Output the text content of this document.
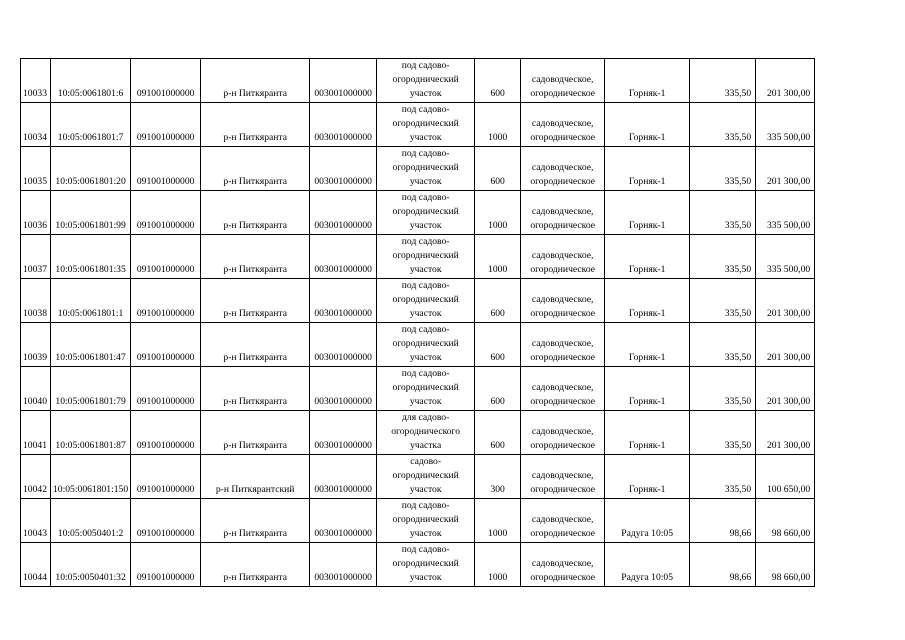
10033	10:05:0061801:6	091001000000	р-н Питкяранта	003001000000	под садово-огороднический участок	600	садоводческое, огородническое	Горняк-1	335,50	201 300,00
10034	10:05:0061801:7	091001000000	р-н Питкяранта	003001000000	под садово-огороднический участок	1000	садоводческое, огородническое	Горняк-1	335,50	335 500,00
10035	10:05:0061801:20	091001000000	р-н Питкяранта	003001000000	под садово-огороднический участок	600	садоводческое, огородническое	Горняк-1	335,50	201 300,00
10036	10:05:0061801:99	091001000000	р-н Питкяранта	003001000000	под садово-огороднический участок	1000	садоводческое, огородническое	Горняк-1	335,50	335 500,00
10037	10:05:0061801:35	091001000000	р-н Питкяранта	003001000000	под садово-огороднический участок	1000	садоводческое, огородническое	Горняк-1	335,50	335 500,00
10038	10:05:0061801:1	091001000000	р-н Питкяранта	003001000000	под садово-огороднический участок	600	садоводческое, огородническое	Горняк-1	335,50	201 300,00
10039	10:05:0061801:47	091001000000	р-н Питкяранта	003001000000	под садово-огороднический участок	600	садоводческое, огородническое	Горняк-1	335,50	201 300,00
10040	10:05:0061801:79	091001000000	р-н Питкяранта	003001000000	под садово-огороднический участок	600	садоводческое, огородническое	Горняк-1	335,50	201 300,00
10041	10:05:0061801:87	091001000000	р-н Питкяранта	003001000000	для садово-огороднического участка	600	садоводческое, огородническое	Горняк-1	335,50	201 300,00
10042	10:05:0061801:150	091001000000	р-н Питкярантский	003001000000	садово-огороднический участок	300	садоводческое, огородническое	Горняк-1	335,50	100 650,00
10043	10:05:0050401:2	091001000000	р-н Питкяранта	003001000000	под садово-огороднический участок	1000	садоводческое, огородническое	Радуга 10:05	98,66	98 660,00
10044	10:05:0050401:32	091001000000	р-н Питкяранта	003001000000	под садово-огороднический участок	1000	садоводческое, огородническое	Радуга 10:05	98,66	98 660,00
